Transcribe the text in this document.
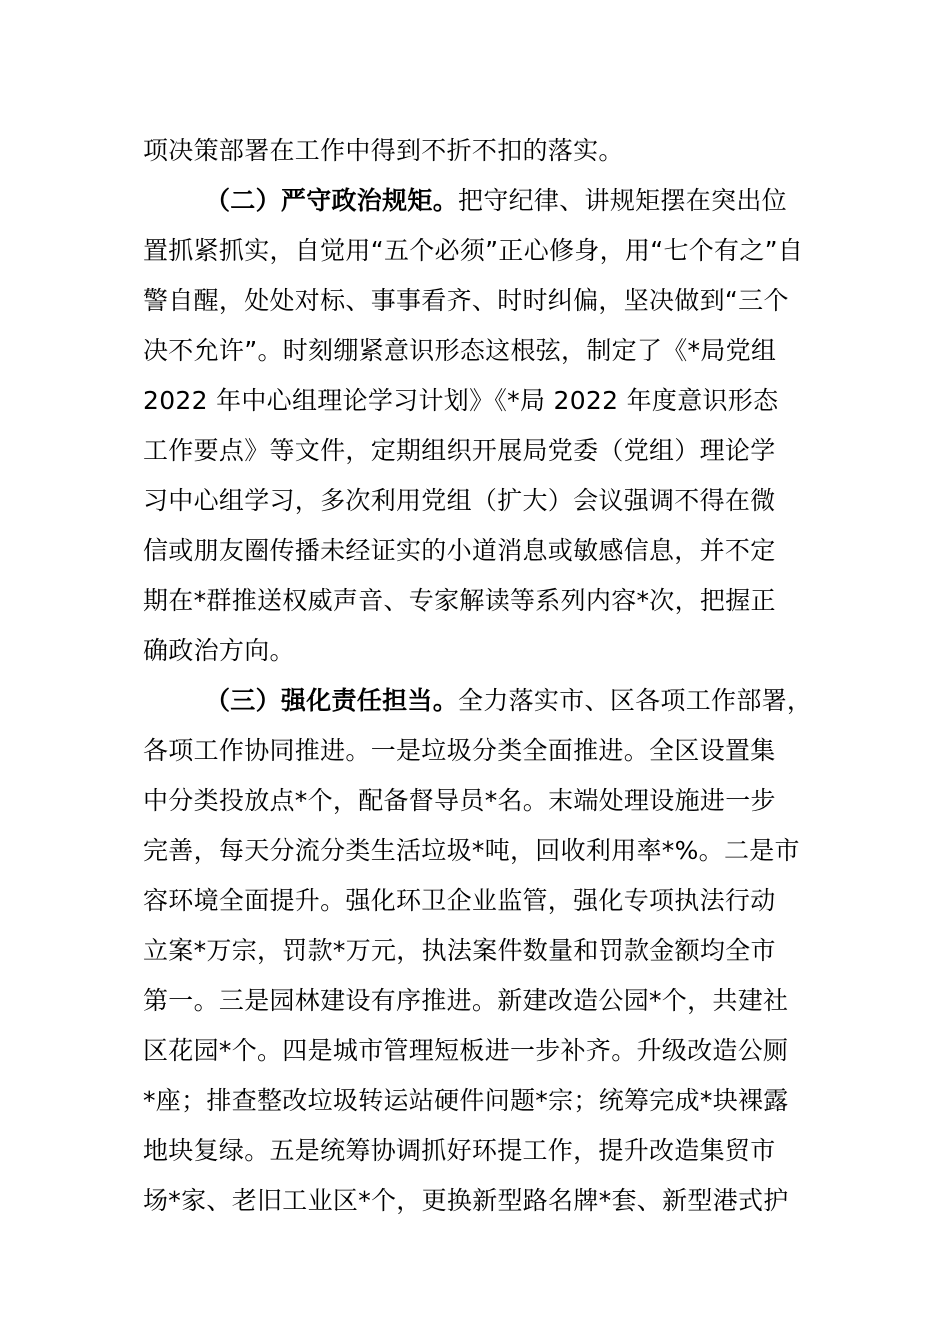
项决策部署在工作中得到不折不扣的落实。
（二）严守政治规矩。把守纪律、讲规矩摆在突出位
置抓紧抓实，自觉用“五个必须”正心修身，用“七个有之”自
警自醒，处处对标、事事看齐、时时纠偏，坚决做到“三个
决不允许”。时刻绷紧意识形态这根弦，制定了《*局党组
2022 年中心组理论学习计划》《*局 2022 年度意识形态
工作要点》等文件，定期组织开展局党委（党组）理论学
习中心组学习，多次利用党组（扩大）会议强调不得在微
信或朋友圈传播未经证实的小道消息或敏感信息，并不定
期在*群推送权威声音、专家解读等系列内容*次，把握正
确政治方向。
（三）强化责任担当。全力落实市、区各项工作部署，
各项工作协同推进。一是垃圾分类全面推进。全区设置集
中分类投放点*个，配备督导员*名。末端处理设施进一步
完善，每天分流分类生活垃圾*吨，回收利用率*%。二是市
容环境全面提升。强化环卫企业监管，强化专项执法行动
立案*万宗，罚款*万元，执法案件数量和罚款金额均全市
第一。三是园林建设有序推进。新建改造公园*个，共建社
区花园*个。四是城市管理短板进一步补齐。升级改造公厕
*座；排查整改垃圾转运站硬件问题*宗；统筹完成*块裸露
地块复绿。五是统筹协调抓好环提工作，提升改造集贸市
场*家、老旧工业区*个，更换新型路名牌*套、新型港式护
